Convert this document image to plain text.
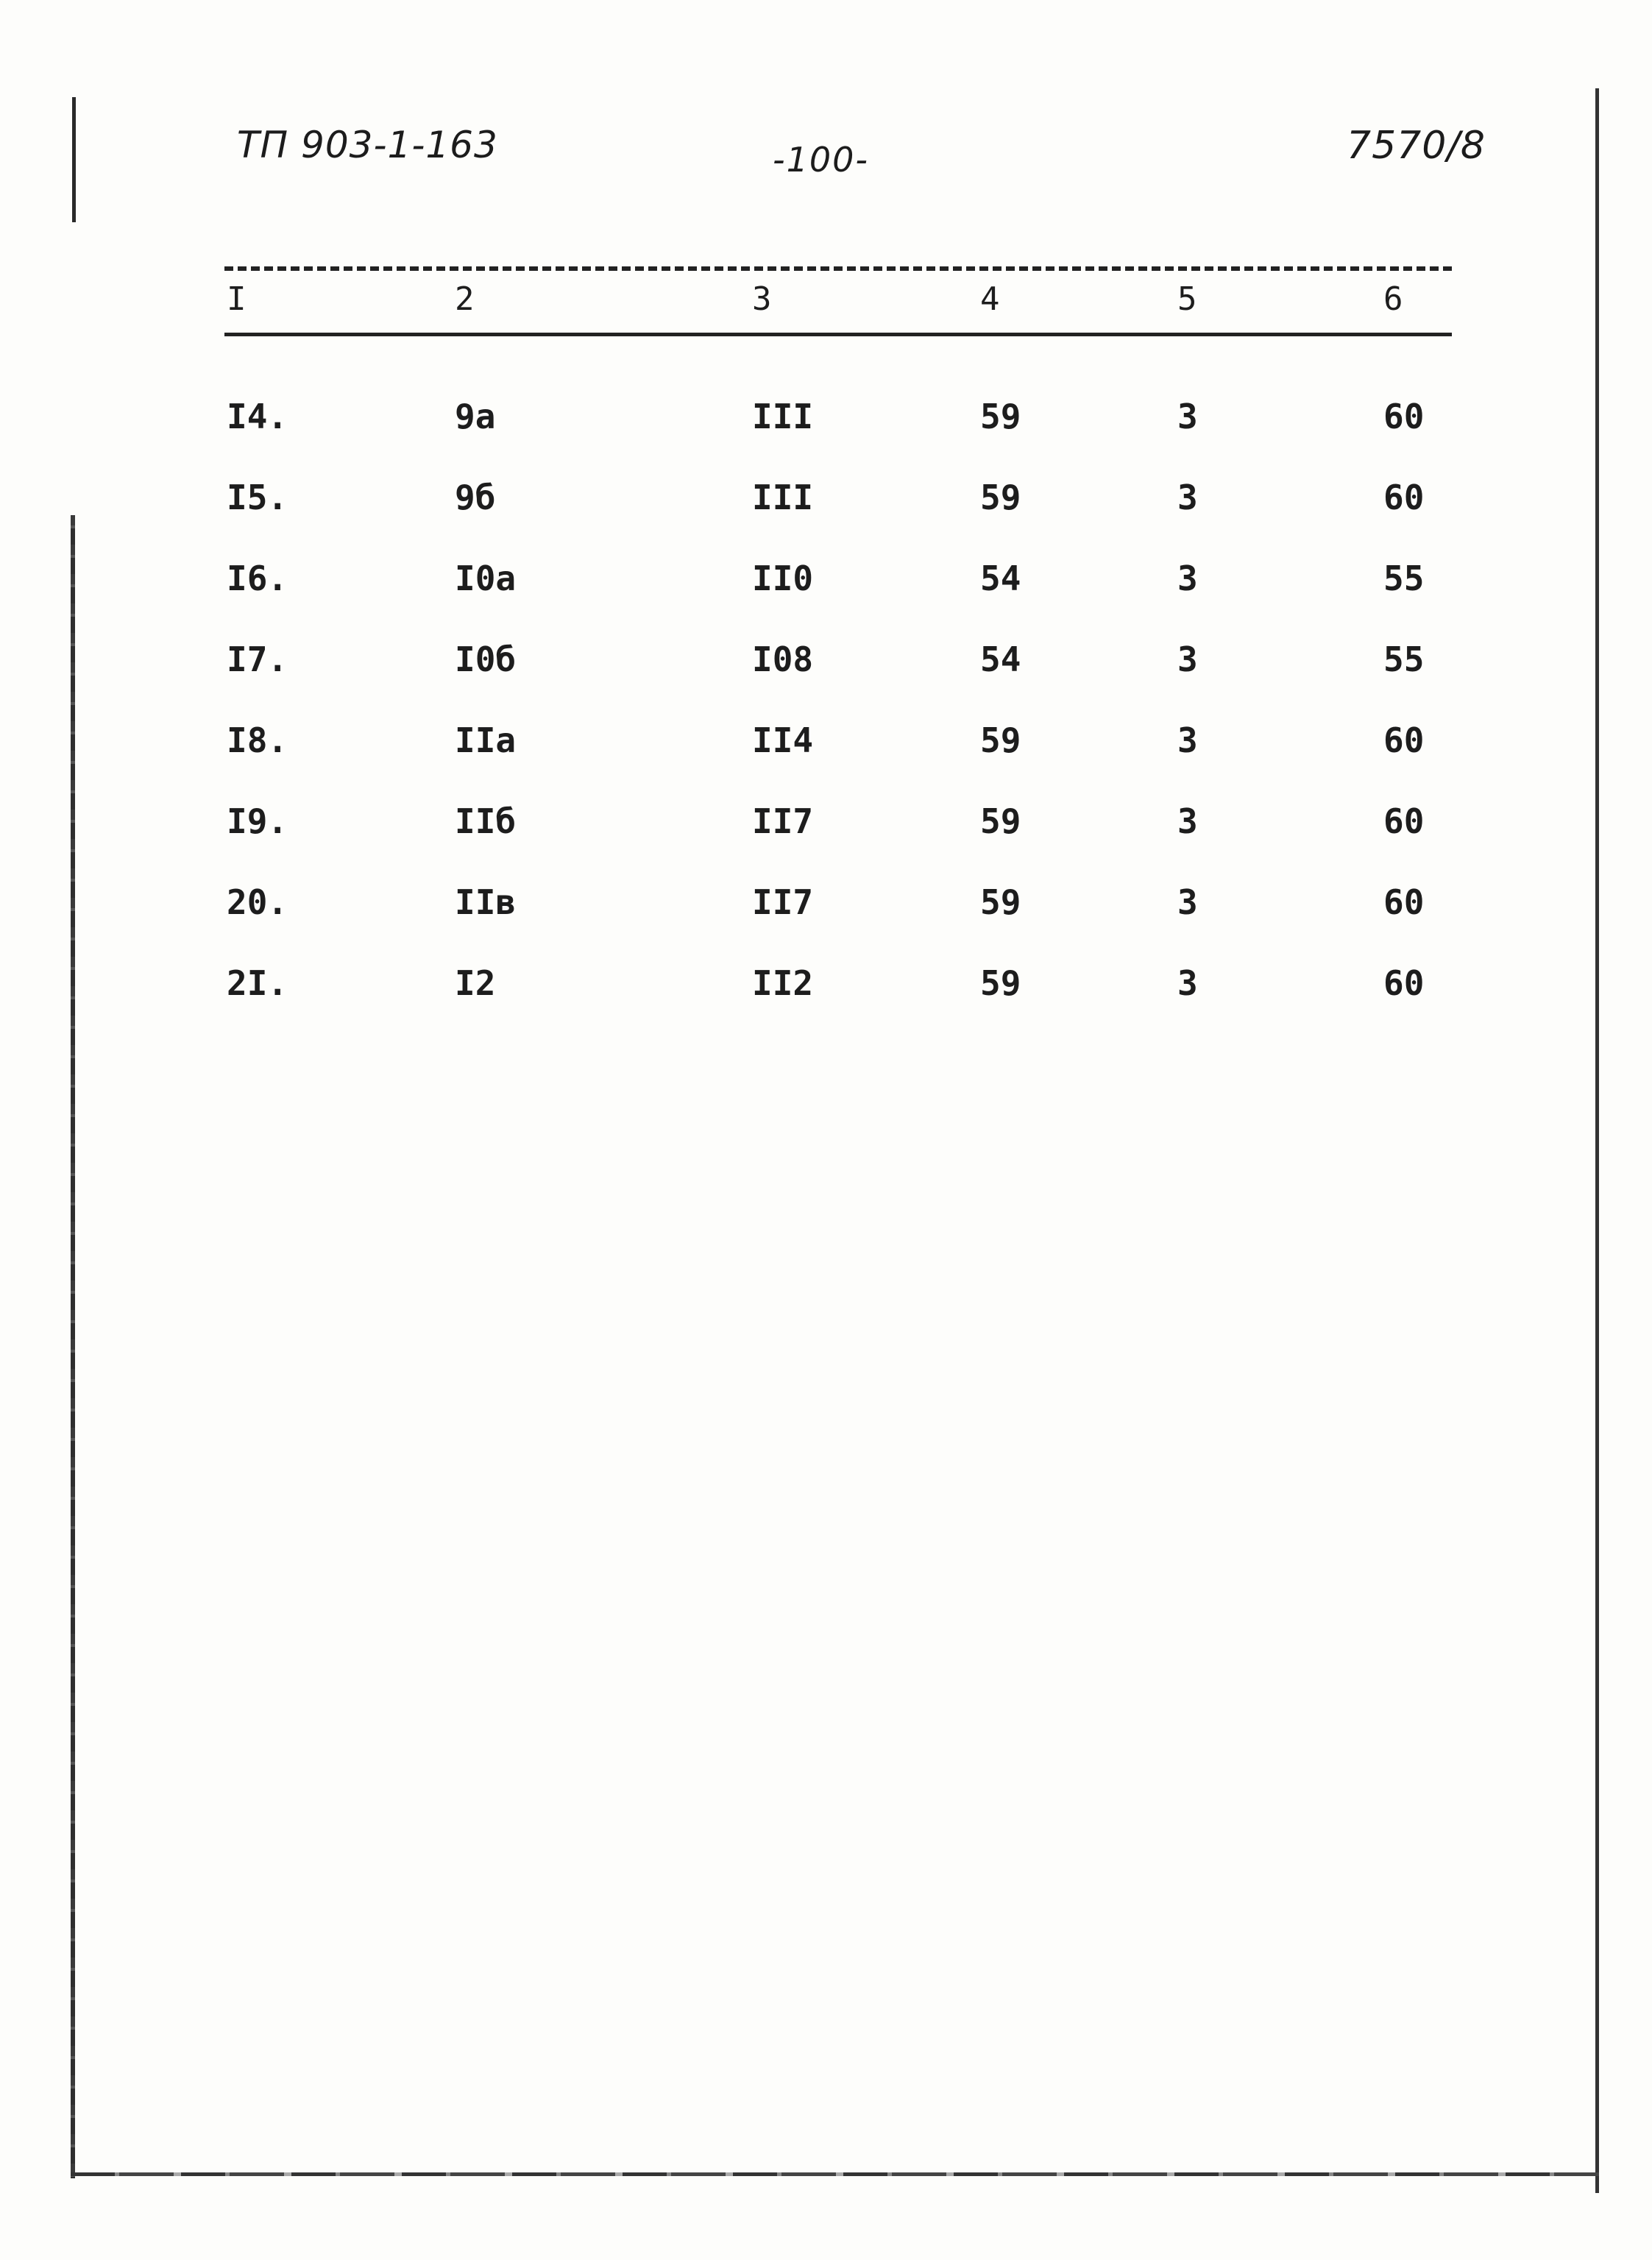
ТП 903-1-163	-100-	7570/8
I	2	3	4	5	6
I4.	9а	III	59	3	60
I5.	9б	III	59	3	60
I6.	I0а	II0	54	3	55
I7.	I0б	I08	54	3	55
I8.	IIа	II4	59	3	60
I9.	IIб	II7	59	3	60
20.	IIв	II7	59	3	60
2I.	I2	II2	59	3	60
